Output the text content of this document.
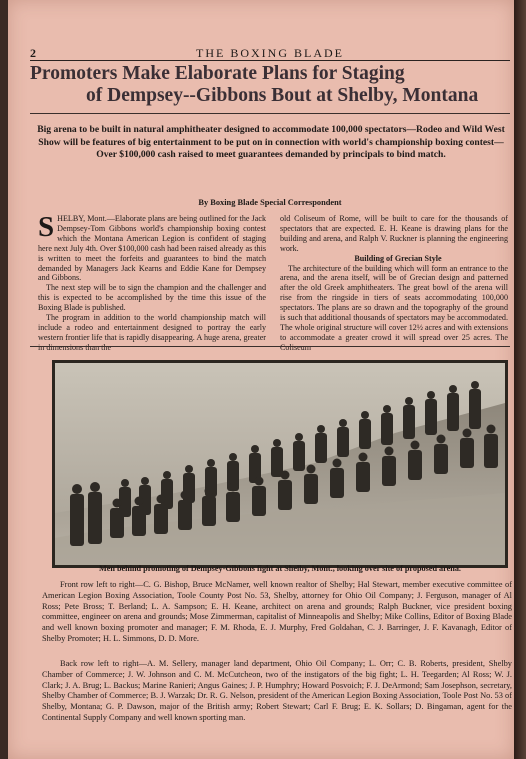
2	THE BOXING BLADE
Promoters Make Elaborate Plans for Staging
of Dempsey--Gibbons Bout at Shelby, Montana
Big arena to be built in natural amphitheater designed to accommodate 100,000 spectators—Rodeo and Wild West Show will be features of big entertainment to be put on in connection with world's championship boxing contest—Over $100,000 cash raised to meet guarantees demanded by principals to bind match.
By Boxing Blade Special Correspondent

SHELBY, Mont.—Elaborate plans are being outlined for the Jack Dempsey-Tom Gibbons world's championship boxing contest which the Montana American Legion is confident of staging here next July 4th. Over $100,000 cash had been raised already as this is written to meet the forfeits and guarantees to bind the match demanded by Managers Jack Kearns and Eddie Kane for Dempsey and Gibbons.

The next step will be to sign the champion and the challenger and this is expected to be accomplished by the time this issue of the Boxing Blade is published.

The program in addition to the world championship match will include a rodeo and entertainment designed to portray the early western frontier life that is rapidly disappearing. A huge arena, greater in dimensions than the

old Coliseum of Rome, will be built to care for the thousands of spectators that are expected. E. H. Keane is drawing plans for the building and arena, and Ralph V. Ruckner is planning the engineering work.

Building of Grecian Style

The architecture of the building which will form an entrance to the arena, and the arena itself, will be of Grecian design and patterned after the old Greek amphitheaters. The great bowl of the arena will rise from the ringside in tiers of seats accommodating 100,000 spectators. The plans are so drawn and the topography of the ground is such that additional thousands of spectators may be accommodated. The whole original structure will cover 12½ acres and with extensions to accommodate a greater crowd it will spread over 25 acres. The Coliseum

Men behind promoting of Dempsey-Gibbons fight at Shelby, Mont., looking over site of proposed arena.

Front row left to right—C. G. Bishop, Bruce McNamer, well known realtor of Shelby; Hal Stewart, member executive committee of American Legion Boxing Association, Toole County Post No. 53, Shelby, attorney for Ohio Oil Company; J. Ferguson, manager of Al Ross; Pete Bross; T. Berland; L. A. Sampson; E. H. Keane, architect on arena and grounds; Ralph Buckner, vice president boxing committee, engineer on arena and grounds; Mose Zimmerman, capitalist of Minneapolis and Shelby; Mike Collins, Editor of Boxing Blade and well known boxing promoter and manager; F. M. Rhoda, E. J. Murphy, Fred Goldahan, C. J. Barringer, J. F. Kavanagh, Editor of Shelby Promoter; H. L. Simmons, D. D. More.

Back row left to right—A. M. Sellery, manager land department, Ohio Oil Company; L. Orr; C. B. Roberts, president, Shelby Chamber of Commerce; J. W. Johnson and C. M. McCutcheon, two of the instigators of the big fight; L. H. Teegarden; Al Ross; W. J. Clark; J. A. Brug; L. Backus; Marine Ranieri; Angus Gaines; J. P. Humphry; Howard Posvoich; F. J. DeArmond; Sam Josephson, secretary, Shelby Chamber of Commerce; B. J. Warzak; Dr. R. G. Nelson, president of the American Legion Boxing Association, Toole Post No. 53 of Shelby, Montana; G. P. Dawson, major of the British army; Robert Stewart; Carl F. Brug; E. K. Sollars; D. Bingaman, agent for the Continental Supply Company and well known sporting man.
